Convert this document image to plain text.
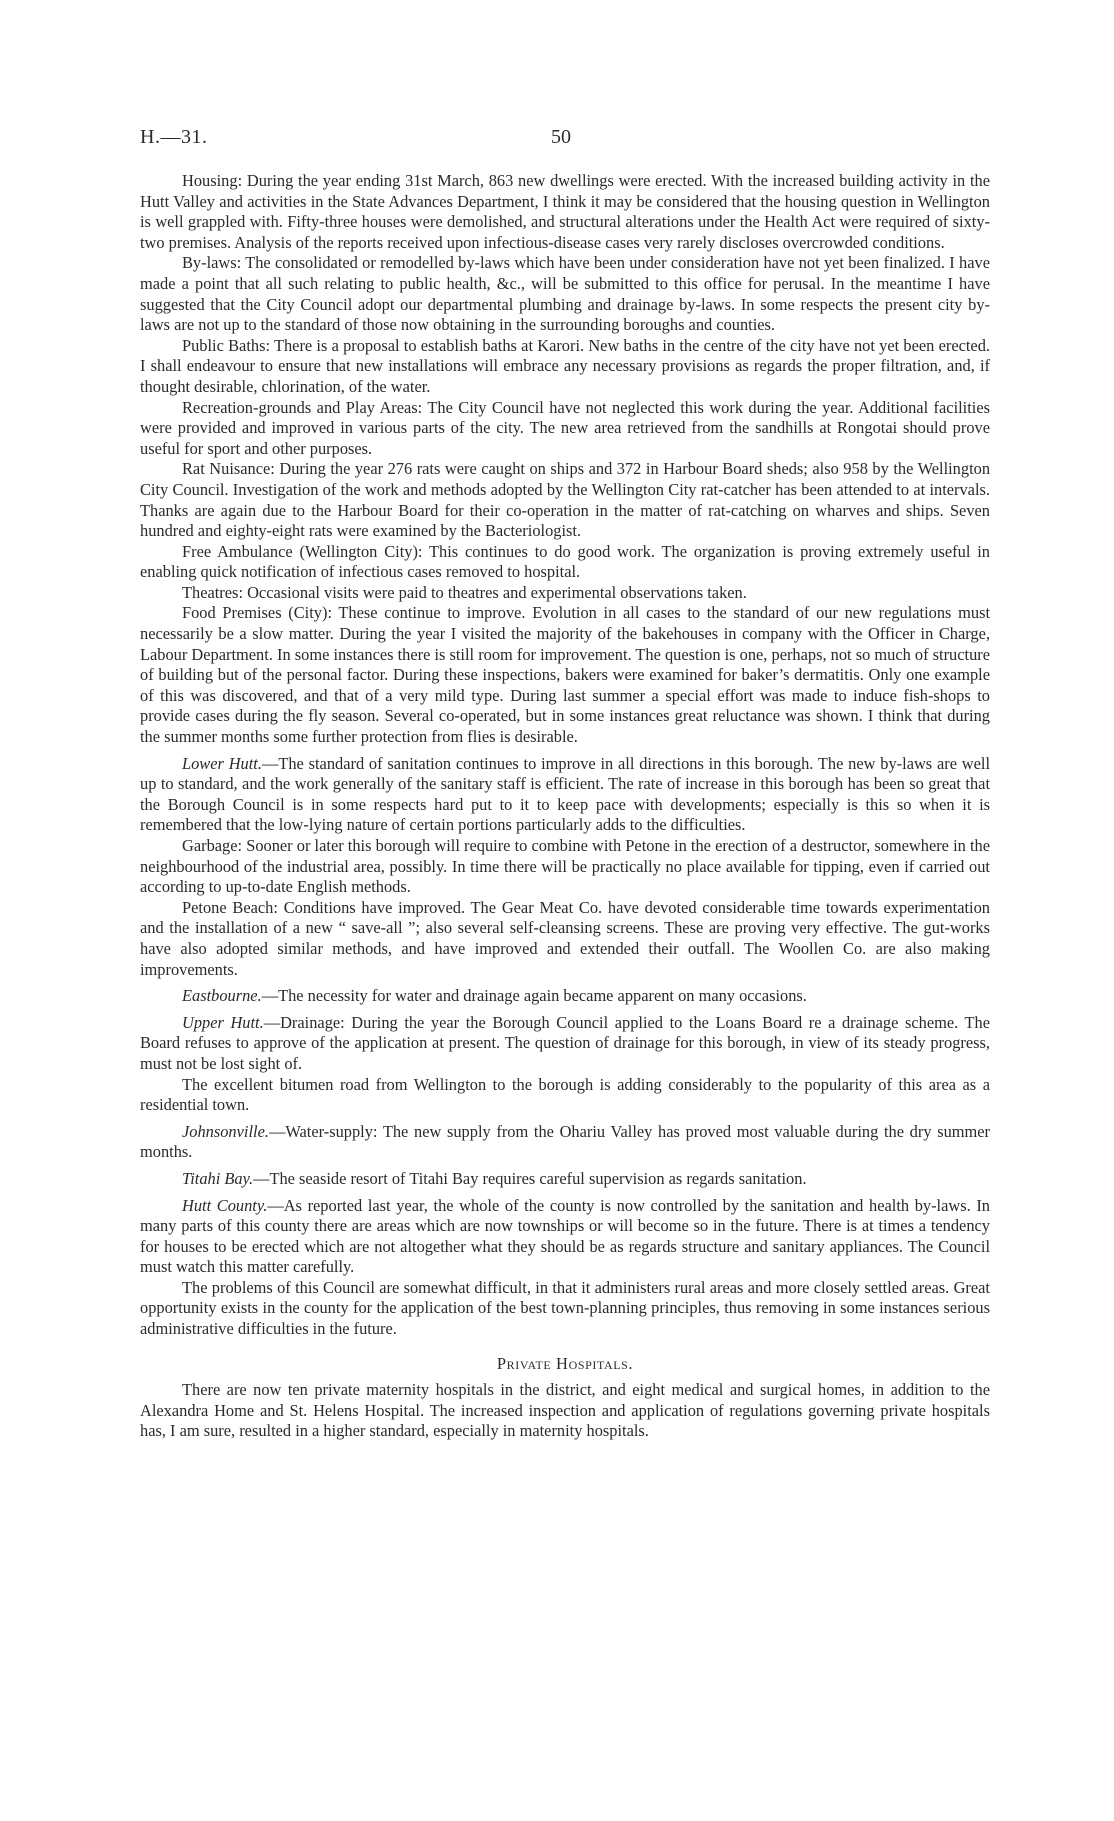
H.—31.	50

Housing: During the year ending 31st March, 863 new dwellings were erected. With the increased building activity in the Hutt Valley and activities in the State Advances Department, I think it may be considered that the housing question in Wellington is well grappled with. Fifty-three houses were demolished, and structural alterations under the Health Act were required of sixty-two premises. Analysis of the reports received upon infectious-disease cases very rarely discloses overcrowded conditions.

By-laws: The consolidated or remodelled by-laws which have been under consideration have not yet been finalized. I have made a point that all such relating to public health, &c., will be submitted to this office for perusal. In the meantime I have suggested that the City Council adopt our departmental plumbing and drainage by-laws. In some respects the present city by-laws are not up to the standard of those now obtaining in the surrounding boroughs and counties.

Public Baths: There is a proposal to establish baths at Karori. New baths in the centre of the city have not yet been erected. I shall endeavour to ensure that new installations will embrace any necessary provisions as regards the proper filtration, and, if thought desirable, chlorination, of the water.

Recreation-grounds and Play Areas: The City Council have not neglected this work during the year. Additional facilities were provided and improved in various parts of the city. The new area retrieved from the sandhills at Rongotai should prove useful for sport and other purposes.

Rat Nuisance: During the year 276 rats were caught on ships and 372 in Harbour Board sheds; also 958 by the Wellington City Council. Investigation of the work and methods adopted by the Wellington City rat-catcher has been attended to at intervals. Thanks are again due to the Harbour Board for their co-operation in the matter of rat-catching on wharves and ships. Seven hundred and eighty-eight rats were examined by the Bacteriologist.

Free Ambulance (Wellington City): This continues to do good work. The organization is proving extremely useful in enabling quick notification of infectious cases removed to hospital.

Theatres: Occasional visits were paid to theatres and experimental observations taken.

Food Premises (City): These continue to improve. Evolution in all cases to the standard of our new regulations must necessarily be a slow matter. During the year I visited the majority of the bakehouses in company with the Officer in Charge, Labour Department. In some instances there is still room for improvement. The question is one, perhaps, not so much of structure of building but of the personal factor. During these inspections, bakers were examined for baker’s dermatitis. Only one example of this was discovered, and that of a very mild type. During last summer a special effort was made to induce fish-shops to provide cases during the fly season. Several co-operated, but in some instances great reluctance was shown. I think that during the summer months some further protection from flies is desirable.

Lower Hutt.—The standard of sanitation continues to improve in all directions in this borough. The new by-laws are well up to standard, and the work generally of the sanitary staff is efficient. The rate of increase in this borough has been so great that the Borough Council is in some respects hard put to it to keep pace with developments; especially is this so when it is remembered that the low-lying nature of certain portions particularly adds to the difficulties.

Garbage: Sooner or later this borough will require to combine with Petone in the erection of a destructor, somewhere in the neighbourhood of the industrial area, possibly. In time there will be practically no place available for tipping, even if carried out according to up-to-date English methods.

Petone Beach: Conditions have improved. The Gear Meat Co. have devoted considerable time towards experimentation and the installation of a new “ save-all ”; also several self-cleansing screens. These are proving very effective. The gut-works have also adopted similar methods, and have improved and extended their outfall. The Woollen Co. are also making improvements.

Eastbourne.—The necessity for water and drainage again became apparent on many occasions.

Upper Hutt.—Drainage: During the year the Borough Council applied to the Loans Board re a drainage scheme. The Board refuses to approve of the application at present. The question of drainage for this borough, in view of its steady progress, must not be lost sight of.

The excellent bitumen road from Wellington to the borough is adding considerably to the popularity of this area as a residential town.

Johnsonville.—Water-supply: The new supply from the Ohariu Valley has proved most valuable during the dry summer months.

Titahi Bay.—The seaside resort of Titahi Bay requires careful supervision as regards sanitation.

Hutt County.—As reported last year, the whole of the county is now controlled by the sanitation and health by-laws. In many parts of this county there are areas which are now townships or will become so in the future. There is at times a tendency for houses to be erected which are not altogether what they should be as regards structure and sanitary appliances. The Council must watch this matter carefully.

The problems of this Council are somewhat difficult, in that it administers rural areas and more closely settled areas. Great opportunity exists in the county for the application of the best town-planning principles, thus removing in some instances serious administrative difficulties in the future.

Private Hospitals.

There are now ten private maternity hospitals in the district, and eight medical and surgical homes, in addition to the Alexandra Home and St. Helens Hospital. The increased inspection and application of regulations governing private hospitals has, I am sure, resulted in a higher standard, especially in maternity hospitals.
